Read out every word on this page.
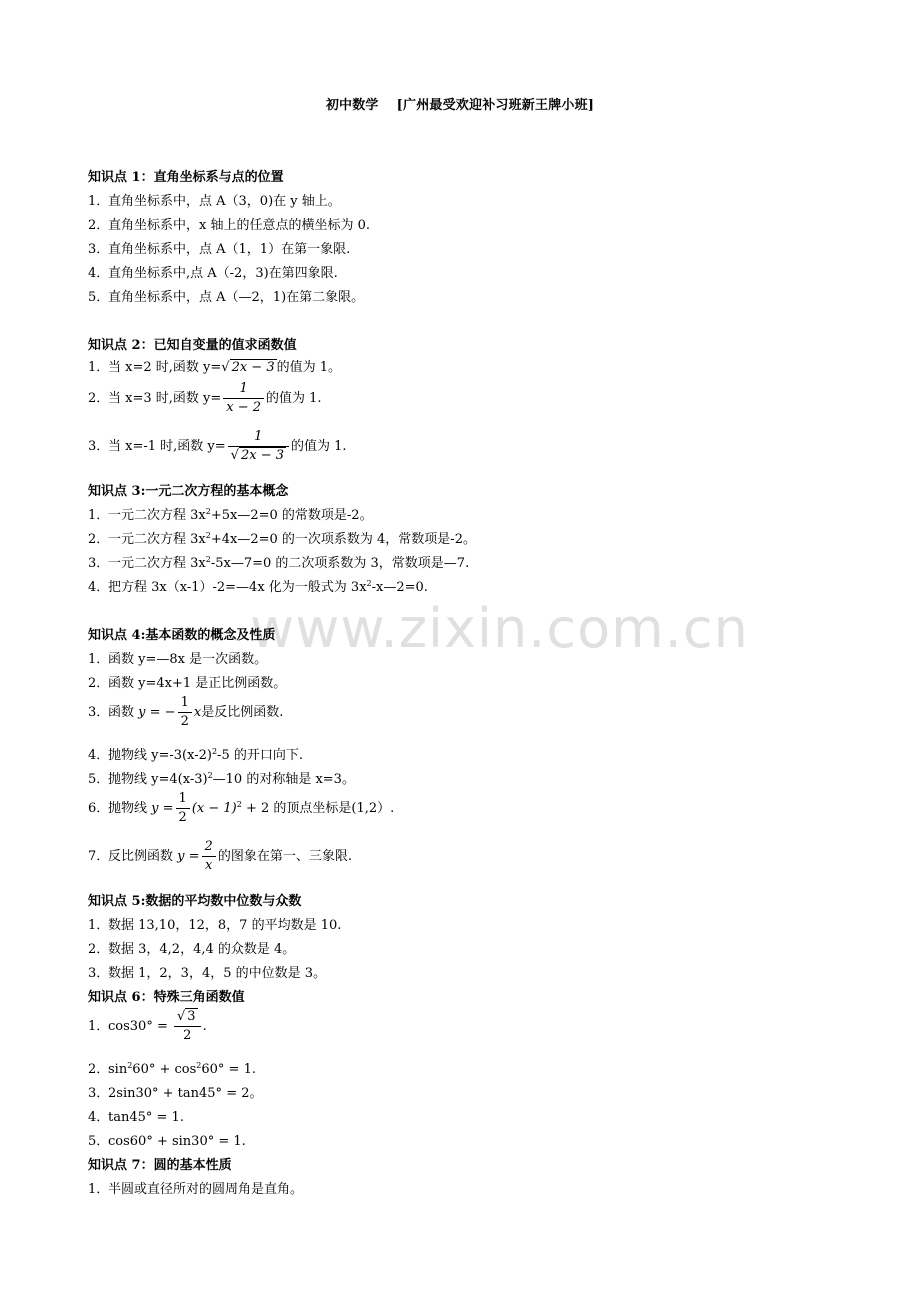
初中数学 [广州最受欢迎补习班新王牌小班]
www.zixin.com.cn
知识点 1：直角坐标系与点的位置
1．直角坐标系中，点 A（3，0)在 y 轴上。
2．直角坐标系中，x 轴上的任意点的横坐标为 0.
3．直角坐标系中，点 A（1，1）在第一象限.
4．直角坐标系中,点 A（-2，3)在第四象限.
5．直角坐标系中，点 A（—2，1)在第二象限。
知识点 2：已知自变量的值求函数值
1．当 x=2 时,函数 y=√ 2x − 3 的值为 1。
2．当 x=3 时,函数 $y= \frac{1}{x - 2}$ 的值为 1.
3．当 x=-1 时,函数 $y= \frac{1}{√ 2x - 3}$ 的值为 1.
知识点 3:一元二次方程的基本概念
1．一元二次方程 $3x^2+5x—2=0$ 的常数项是-2。
2．一元二次方程 $3x^2+4x—2=0$ 的一次项系数为 4，常数项是-2。
3．一元二次方程 $3x^2-5x—7=0$ 的二次项系数为 3，常数项是—7.
4．把方程 3x（x-1）-2=—4x 化为一般式为 $3x^2-x—2=0$.
知识点 4:基本函数的概念及性质
1．函数 y=—8x 是一次函数。
2．函数 y=4x+1 是正比例函数。
3．函数 y = − $\frac{1}{2}$ x是反比例函数.
4．抛物线 $y=-3(x-2)^2-5$ 的开口向下.
5．抛物线 $y=4(x-3)^2—10$ 的对称轴是 x=3。
6．抛物线 $y = \frac{1}{2} (x - 1)^2 + 2$ 的顶点坐标是(1,2）.
7．反比例函数 $y = \frac{2}{x}$ 的图象在第一、三象限.
知识点 5:数据的平均数中位数与众数
1．数据 13,10，12，8，7 的平均数是 10.
2．数据 3，4,2，4,4 的众数是 4。
3．数据 1，2，3，4，5 的中位数是 3。
知识点 6：特殊三角函数值
1．$\cos 30^\circ = \frac{√ 3}{2}$ .
2．$\sin^260^\circ + \cos^260^\circ = 1$.
3．2sin30° + tan45° = 2。
4．tan45° = 1.
5．cos60° + sin30° = 1.
知识点 7：圆的基本性质
1．半圆或直径所对的圆周角是直角。
